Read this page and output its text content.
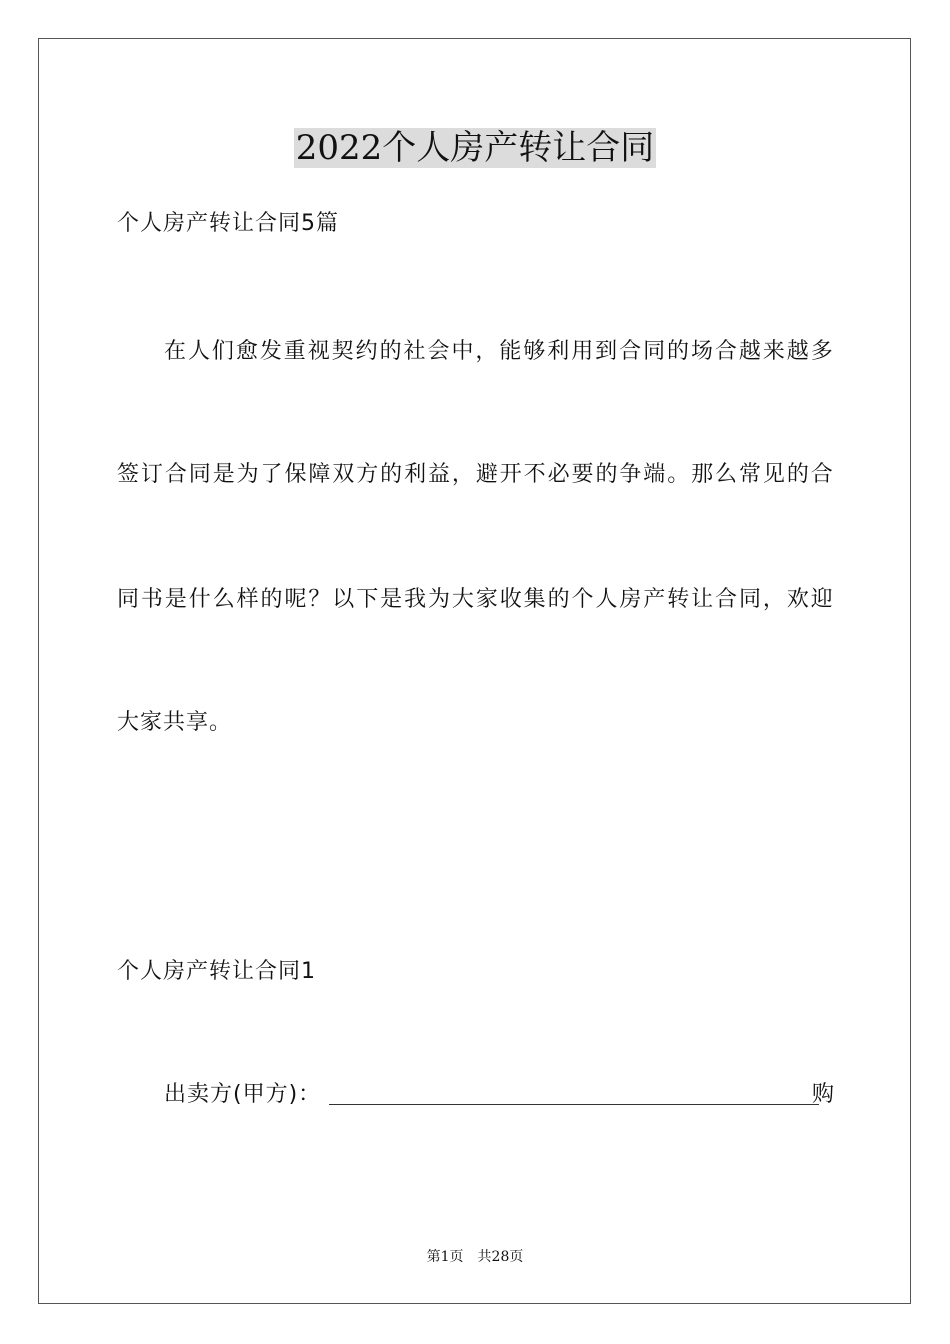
2022个人房产转让合同
个人房产转让合同5篇
在 人 们 愈 发 重 视 契 约 的 社 会 中 ， 能 够 利 用 到 合 同 的 场 合 越 来 越 多
签 订 合 同 是 为 了 保 障 双 方 的 利 益 ， 避 开 不 必 要 的 争 端 。 那 么 常 见 的 合
同 书 是 什 么 样 的 呢 ？ 以 下 是 我 为 大 家 收 集 的 个 人 房 产 转 让 合 同 ， 欢 迎
大家共享。
个人房产转让合同1
出卖方(甲方)：	购
第1页　共28页
